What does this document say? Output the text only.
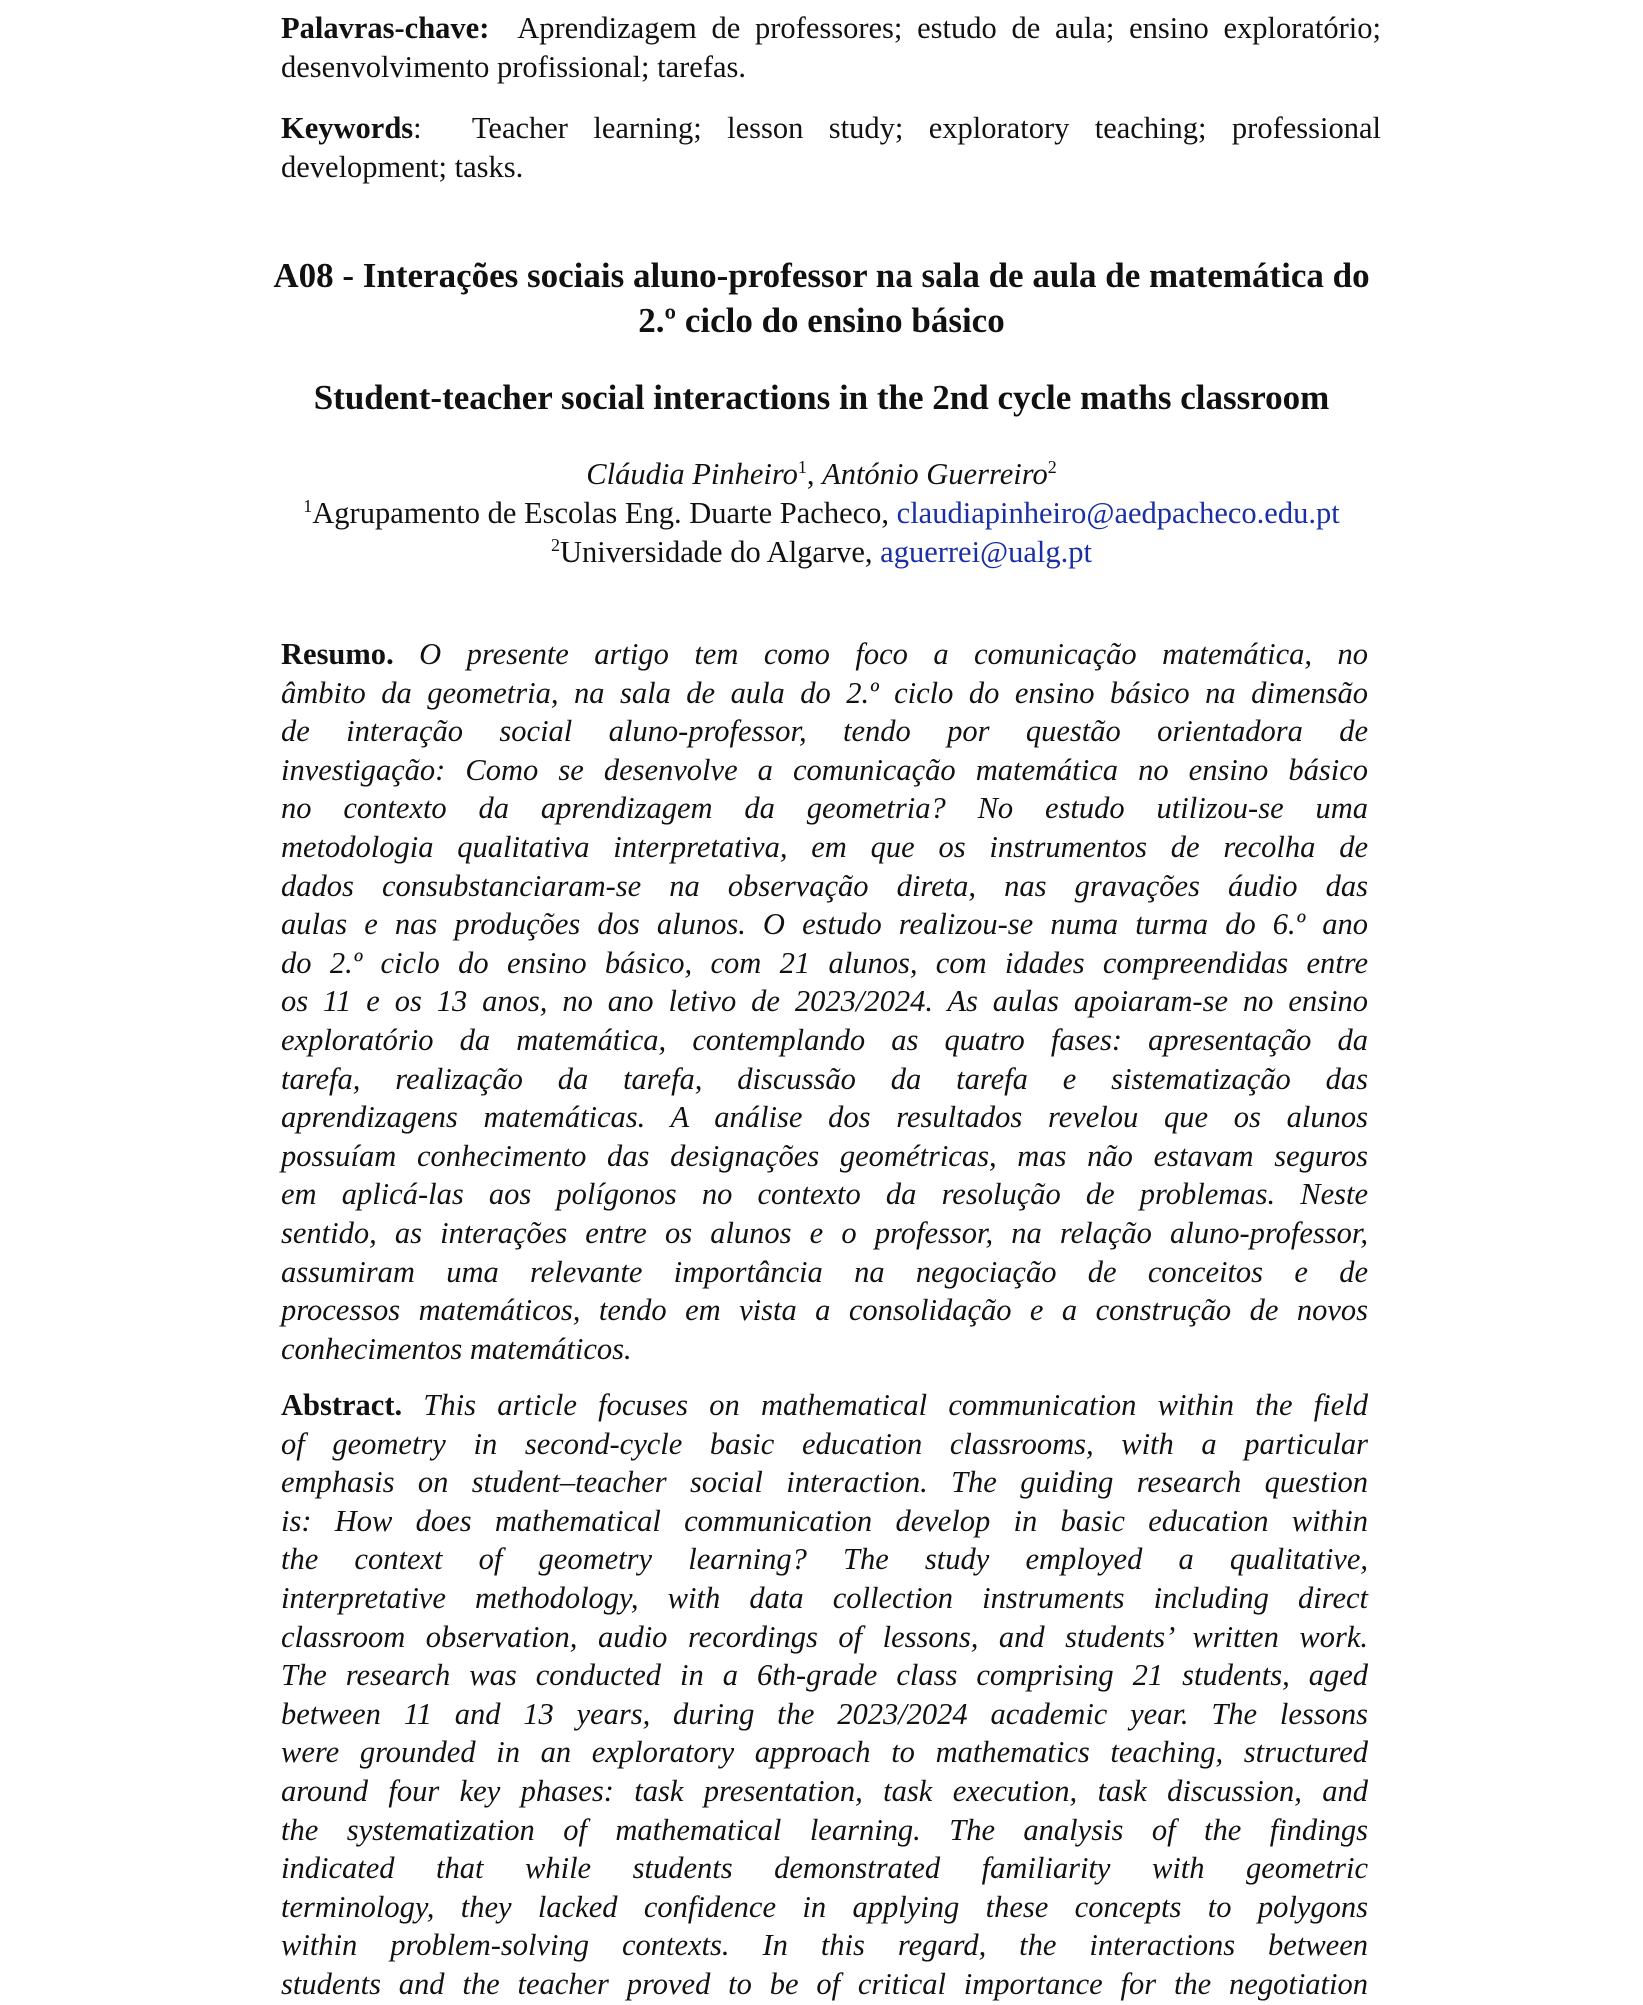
Palavras-chave: Aprendizagem de professores; estudo de aula; ensino exploratório; desenvolvimento profissional; tarefas.

Keywords: Teacher learning; lesson study; exploratory teaching; professional development; tasks.

A08 - Interações sociais aluno-professor na sala de aula de matemática do
2.º ciclo do ensino básico
Student-teacher social interactions in the 2nd cycle maths classroom
Cláudia Pinheiro$^1$, António Guerreiro$^2$
$^1$Agrupamento de Escolas Eng. Duarte Pacheco, claudiapinheiro@aedpacheco.edu.pt
$^2$Universidade do Algarve, aguerrei@ualg.pt
Resumo. O presente artigo tem como foco a comunicação matemática, no
âmbito da geometria, na sala de aula do 2.º ciclo do ensino básico na dimensão
de interação social aluno-professor, tendo por questão orientadora de
investigação: Como se desenvolve a comunicação matemática no ensino básico
no contexto da aprendizagem da geometria? No estudo utilizou-se uma
metodologia qualitativa interpretativa, em que os instrumentos de recolha de
dados consubstanciaram-se na observação direta, nas gravações áudio das
aulas e nas produções dos alunos. O estudo realizou-se numa turma do 6.º ano
do 2.º ciclo do ensino básico, com 21 alunos, com idades compreendidas entre
os 11 e os 13 anos, no ano letivo de 2023/2024. As aulas apoiaram-se no ensino
exploratório da matemática, contemplando as quatro fases: apresentação da
tarefa, realização da tarefa, discussão da tarefa e sistematização das
aprendizagens matemáticas. A análise dos resultados revelou que os alunos
possuíam conhecimento das designações geométricas, mas não estavam seguros
em aplicá-las aos polígonos no contexto da resolução de problemas. Neste
sentido, as interações entre os alunos e o professor, na relação aluno-professor,
assumiram uma relevante importância na negociação de conceitos e de
processos matemáticos, tendo em vista a consolidação e a construção de novos
conhecimentos matemáticos.
Abstract. This article focuses on mathematical communication within the field
of geometry in second-cycle basic education classrooms, with a particular
emphasis on student–teacher social interaction. The guiding research question
is: How does mathematical communication develop in basic education within
the context of geometry learning? The study employed a qualitative,
interpretative methodology, with data collection instruments including direct
classroom observation, audio recordings of lessons, and students’ written work.
The research was conducted in a 6th-grade class comprising 21 students, aged
between 11 and 13 years, during the 2023/2024 academic year. The lessons
were grounded in an exploratory approach to mathematics teaching, structured
around four key phases: task presentation, task execution, task discussion, and
the systematization of mathematical learning. The analysis of the findings
indicated that while students demonstrated familiarity with geometric
terminology, they lacked confidence in applying these concepts to polygons
within problem-solving contexts. In this regard, the interactions between
students and the teacher proved to be of critical importance for the negotiation
